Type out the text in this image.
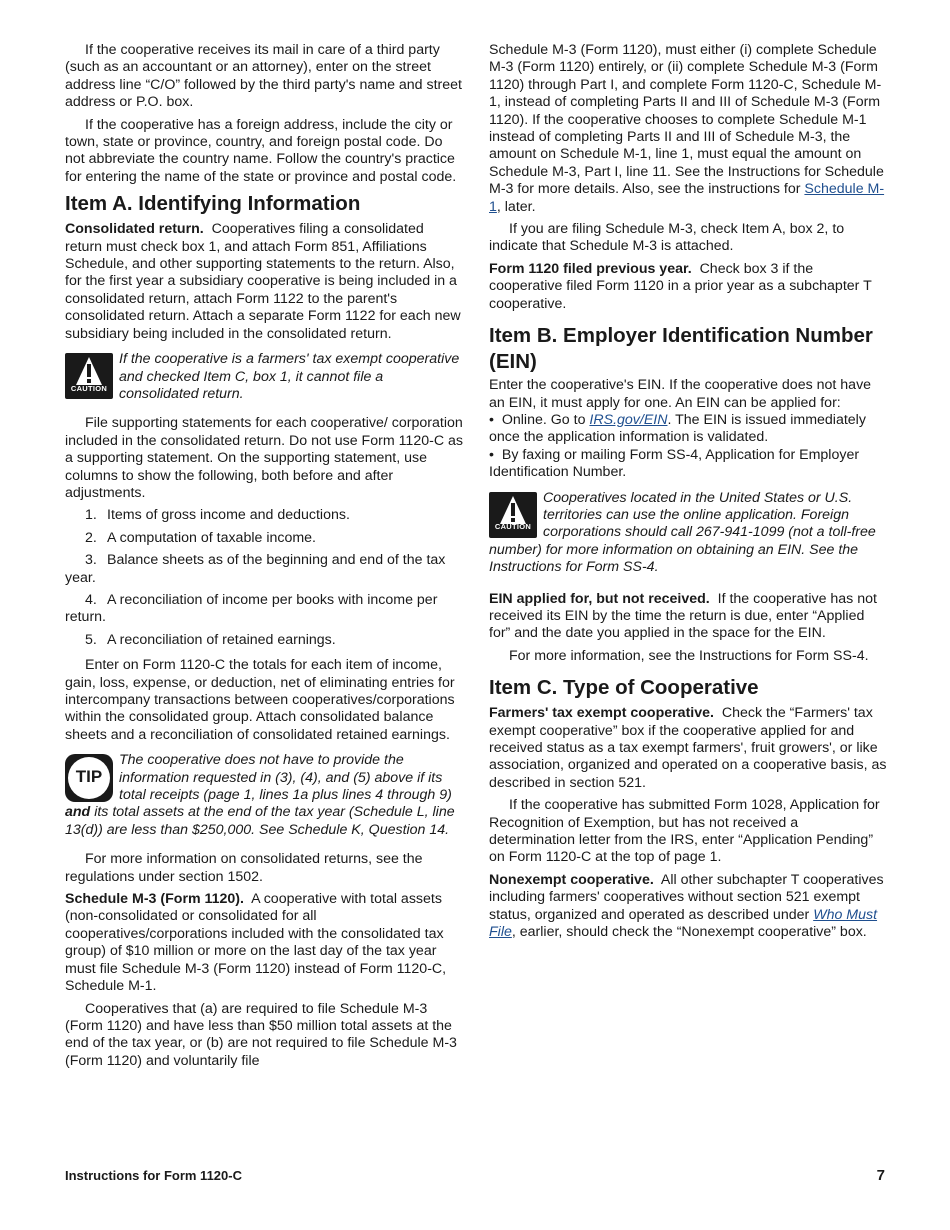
If the cooperative receives its mail in care of a third party (such as an accountant or an attorney), enter on the street address line “C/O” followed by the third party's name and street address or P.O. box.

If the cooperative has a foreign address, include the city or town, state or province, country, and foreign postal code. Do not abbreviate the country name. Follow the country's practice for entering the name of the state or province and postal code.

Item A. Identifying Information

Consolidated return. Cooperatives filing a consolidated return must check box 1, and attach Form 851, Affiliations Schedule, and other supporting statements to the return. Also, for the first year a subsidiary cooperative is being included in a consolidated return, attach Form 1122 to the parent's consolidated return. Attach a separate Form 1122 for each new subsidiary being included in the consolidated return.

CAUTION
If the cooperative is a farmers' tax exempt cooperative and checked Item C, box 1, it cannot file a consolidated return.

File supporting statements for each cooperative/ corporation included in the consolidated return. Do not use Form 1120-C as a supporting statement. On the supporting statement, use columns to show the following, both before and after adjustments.

1. Items of gross income and deductions.
2. A computation of taxable income.
3. Balance sheets as of the beginning and end of the tax year.
4. A reconciliation of income per books with income per return.
5. A reconciliation of retained earnings.

Enter on Form 1120-C the totals for each item of income, gain, loss, expense, or deduction, net of eliminating entries for intercompany transactions between cooperatives/corporations within the consolidated group. Attach consolidated balance sheets and a reconciliation of consolidated retained earnings.

TIP
The cooperative does not have to provide the information requested in (3), (4), and (5) above if its total receipts (page 1, lines 1a plus lines 4 through 9) and its total assets at the end of the tax year (Schedule L, line 13(d)) are less than $250,000. See Schedule K, Question 14.

For more information on consolidated returns, see the regulations under section 1502.

Schedule M-3 (Form 1120). A cooperative with total assets (non-consolidated or consolidated for all cooperatives/corporations included with the consolidated tax group) of $10 million or more on the last day of the tax year must file Schedule M-3 (Form 1120) instead of Form 1120-C, Schedule M-1.

Cooperatives that (a) are required to file Schedule M-3 (Form 1120) and have less than $50 million total assets at the end of the tax year, or (b) are not required to file Schedule M-3 (Form 1120) and voluntarily file

Schedule M-3 (Form 1120), must either (i) complete Schedule M-3 (Form 1120) entirely, or (ii) complete Schedule M-3 (Form 1120) through Part I, and complete Form 1120-C, Schedule M-1, instead of completing Parts II and III of Schedule M-3 (Form 1120). If the cooperative chooses to complete Schedule M-1 instead of completing Parts II and III of Schedule M-3, the amount on Schedule M-1, line 1, must equal the amount on Schedule M-3, Part I, line 11. See the Instructions for Schedule M-3 for more details. Also, see the instructions for Schedule M-1, later.

If you are filing Schedule M-3, check Item A, box 2, to indicate that Schedule M-3 is attached.

Form 1120 filed previous year. Check box 3 if the cooperative filed Form 1120 in a prior year as a subchapter T cooperative.

Item B. Employer Identification Number (EIN)

Enter the cooperative's EIN. If the cooperative does not have an EIN, it must apply for one. An EIN can be applied for:

• Online. Go to IRS.gov/EIN. The EIN is issued immediately once the application information is validated.

• By faxing or mailing Form SS-4, Application for Employer Identification Number.

CAUTION
Cooperatives located in the United States or U.S. territories can use the online application. Foreign corporations should call 267-941-1099 (not a toll-free number) for more information on obtaining an EIN. See the Instructions for Form SS-4.

EIN applied for, but not received. If the cooperative has not received its EIN by the time the return is due, enter “Applied for” and the date you applied in the space for the EIN.

For more information, see the Instructions for Form SS-4.

Item C. Type of Cooperative

Farmers' tax exempt cooperative. Check the “Farmers' tax exempt cooperative” box if the cooperative applied for and received status as a tax exempt farmers', fruit growers', or like association, organized and operated on a cooperative basis, as described in section 521.

If the cooperative has submitted Form 1028, Application for Recognition of Exemption, but has not received a determination letter from the IRS, enter “Application Pending” on Form 1120-C at the top of page 1.

Nonexempt cooperative. All other subchapter T cooperatives including farmers' cooperatives without section 521 exempt status, organized and operated as described under Who Must File, earlier, should check the “Nonexempt cooperative” box.

Instructions for Form 1120-C	7
